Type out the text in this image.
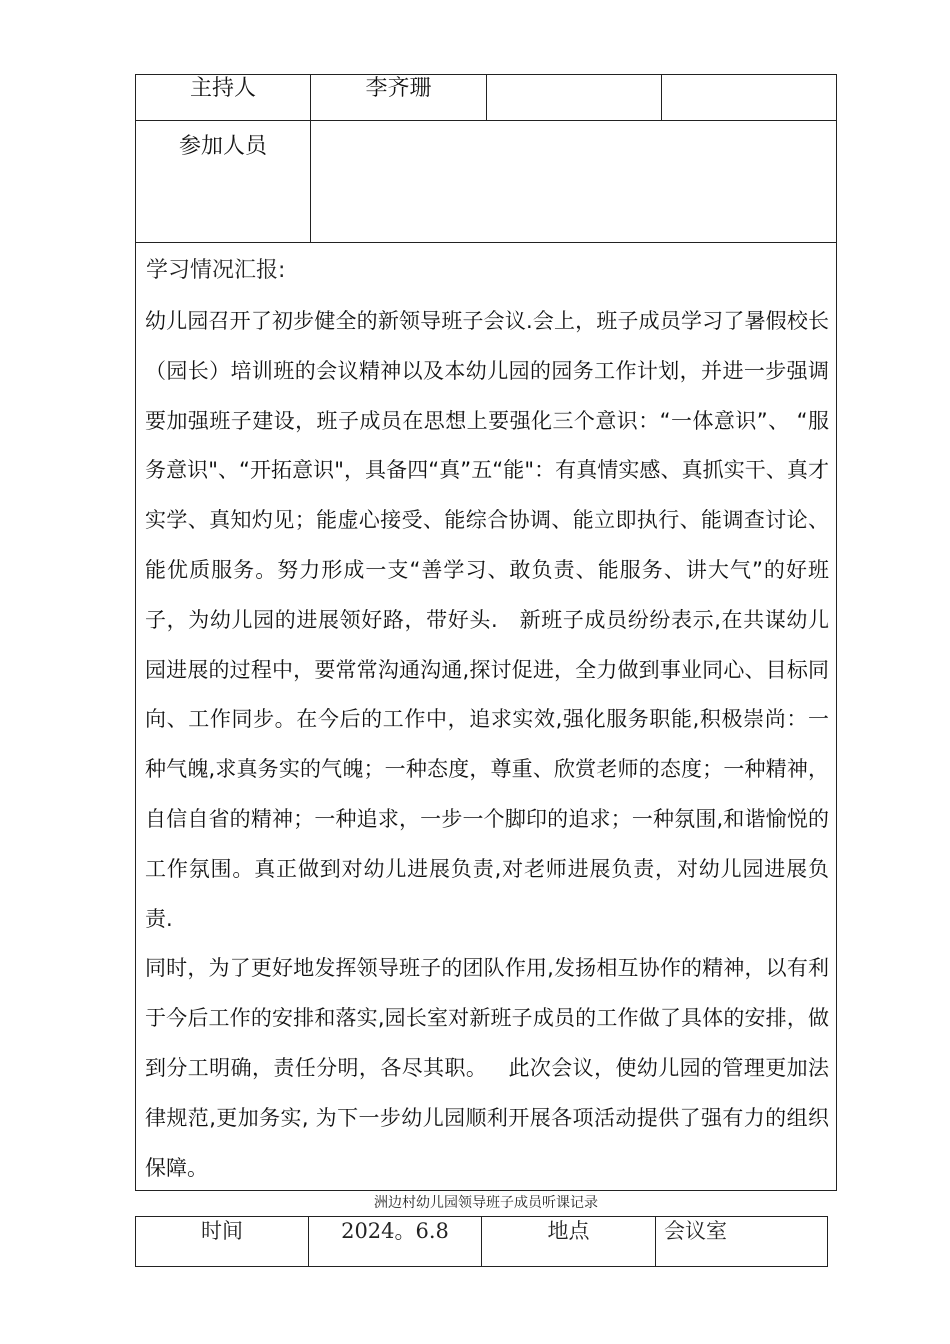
主持人	李齐珊
参加人员
学习情况汇报:
幼儿园召开了初步健全的新领导班子会议.会上，班子成员学习了暑假校长（园长）培训班的会议精神以及本幼儿园的园务工作计划，并进一步强调要加强班子建设，班子成员在思想上要强化三个意识：“一体意识”、 “服务意识"、“开拓意识"，具备四“真”五“能"：有真情实感、真抓实干、真才实学、真知灼见；能虚心接受、能综合协调、能立即执行、能调查讨论、能优质服务。努力形成一支“善学习、敢负责、能服务、讲大气”的好班子，为幼儿园的进展领好路，带好头.   新班子成员纷纷表示,在共谋幼儿园进展的过程中，要常常沟通沟通,探讨促进，全力做到事业同心、目标同向、工作同步。在今后的工作中，追求实效,强化服务职能,积极崇尚：一种气魄,求真务实的气魄；一种态度，尊重、欣赏老师的态度；一种精神，自信自省的精神；一种追求，一步一个脚印的追求；一种氛围,和谐愉悦的工作氛围。真正做到对幼儿进展负责,对老师进展负责，对幼儿园进展负责.
同时，为了更好地发挥领导班子的团队作用,发扬相互协作的精神，以有利于今后工作的安排和落实,园长室对新班子成员的工作做了具体的安排，做到分工明确，责任分明，各尽其职。   此次会议，使幼儿园的管理更加法律规范,更加务实, 为下一步幼儿园顺利开展各项活动提供了强有力的组织保障。
洲边村幼儿园领导班子成员听课记录
时间	2024。6.8	地点	会议室
